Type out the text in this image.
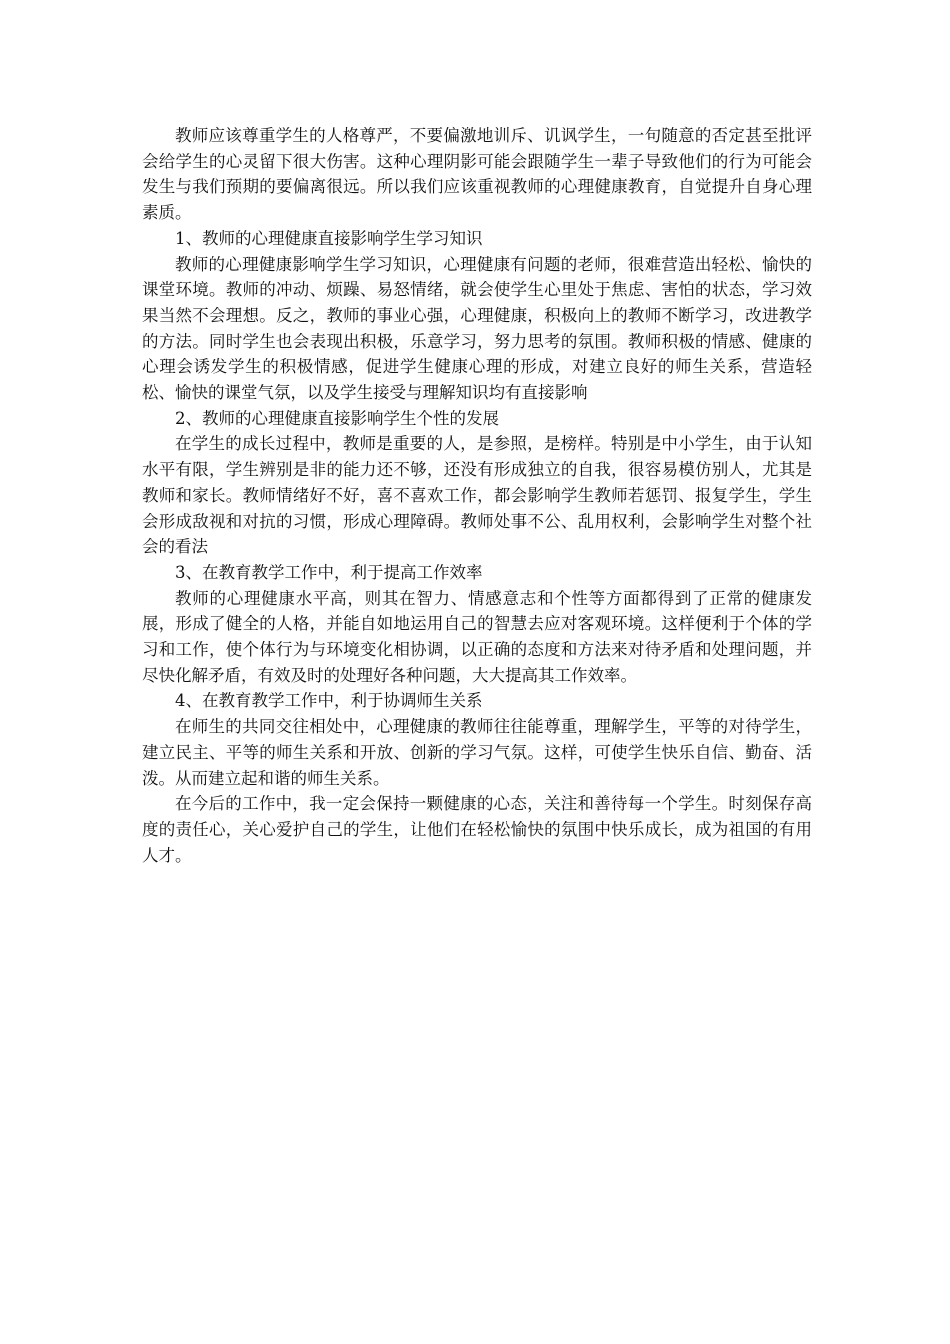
教师应该尊重学生的人格尊严，不要偏激地训斥、讥讽学生，一句随意的否定甚至批评会给学生的心灵留下很大伤害。这种心理阴影可能会跟随学生一辈子导致他们的行为可能会发生与我们预期的要偏离很远。所以我们应该重视教师的心理健康教育，自觉提升自身心理素质。

1、教师的心理健康直接影响学生学习知识

教师的心理健康影响学生学习知识，心理健康有问题的老师，很难营造出轻松、愉快的课堂环境。教师的冲动、烦躁、易怒情绪，就会使学生心里处于焦虑、害怕的状态，学习效果当然不会理想。反之，教师的事业心强，心理健康，积极向上的教师不断学习，改进教学的方法。同时学生也会表现出积极，乐意学习，努力思考的氛围。教师积极的情感、健康的心理会诱发学生的积极情感，促进学生健康心理的形成，对建立良好的师生关系，营造轻松、愉快的课堂气氛，以及学生接受与理解知识均有直接影响

2、教师的心理健康直接影响学生个性的发展

在学生的成长过程中，教师是重要的人，是参照，是榜样。特别是中小学生，由于认知水平有限，学生辨别是非的能力还不够，还没有形成独立的自我，很容易模仿别人，尤其是教师和家长。教师情绪好不好，喜不喜欢工作，都会影响学生教师若惩罚、报复学生，学生会形成敌视和对抗的习惯，形成心理障碍。教师处事不公、乱用权利，会影响学生对整个社会的看法

3、在教育教学工作中，利于提高工作效率

教师的心理健康水平高，则其在智力、情感意志和个性等方面都得到了正常的健康发展，形成了健全的人格，并能自如地运用自己的智慧去应对客观环境。这样便利于个体的学习和工作，使个体行为与环境变化相协调，以正确的态度和方法来对待矛盾和处理问题，并尽快化解矛盾，有效及时的处理好各种问题，大大提高其工作效率。

4、在教育教学工作中，利于协调师生关系

在师生的共同交往相处中，心理健康的教师往往能尊重，理解学生，平等的对待学生，建立民主、平等的师生关系和开放、创新的学习气氛。这样，可使学生快乐自信、勤奋、活泼。从而建立起和谐的师生关系。

在今后的工作中，我一定会保持一颗健康的心态，关注和善待每一个学生。时刻保存高度的责任心，关心爱护自己的学生，让他们在轻松愉快的氛围中快乐成长，成为祖国的有用人才。
